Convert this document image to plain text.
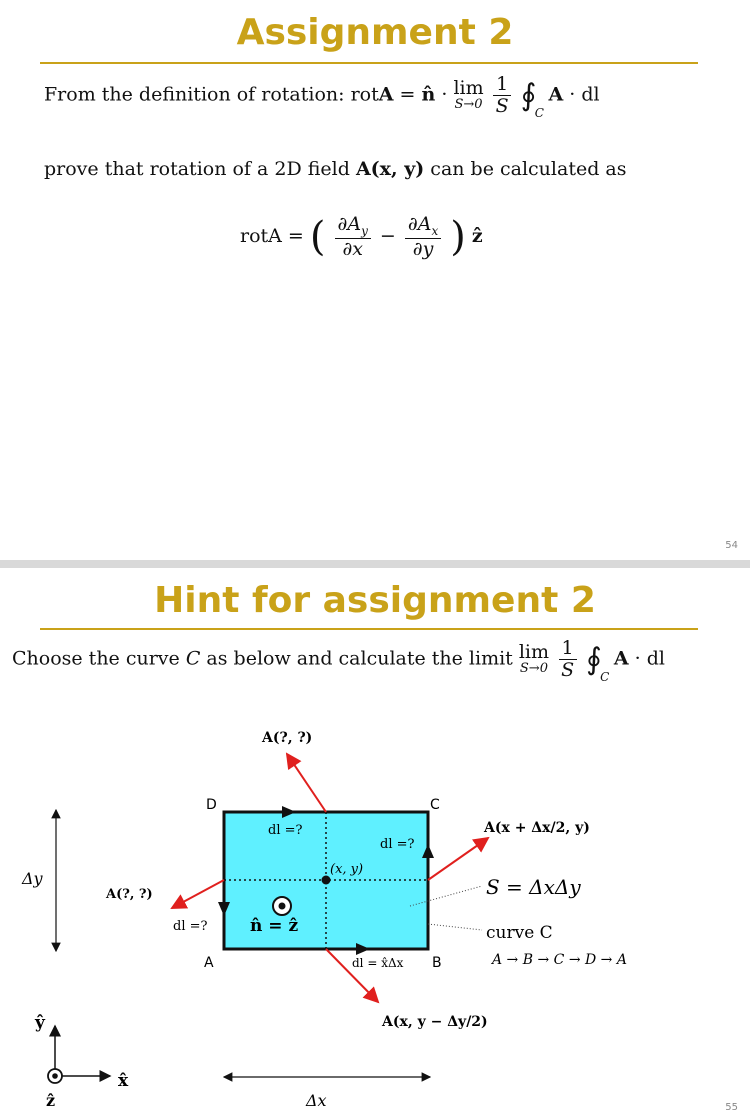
Assignment 2
From the definition of rotation: rotA = n̂ · lim
S→0
$\frac{1}{S}$ ∮
C
A · dl
prove that rotation of a 2D field A(x, y) can be calculated as
rotA = ( $\frac{\partial A_y}{\partial x} - \frac{\partial A_x}{\partial y}$ ) ẑ
54
Hint for assignment 2
Choose the curve C as below and calculate the limit lim
S→0
$\frac{1}{S}$ ∮
C
A · dl
A(?, ?)
A(?, ?)
A(x + Δx/2, y)
A(x, y − Δy/2)
D	C
A	B
dl =?
dl =?
dl =?
dl = x̂Δx
(x, y)
n̂ = ẑ
S = ΔxΔy
curve C
A → B → C → D → A
Δy
Δx
ŷ
x̂
ẑ	55
